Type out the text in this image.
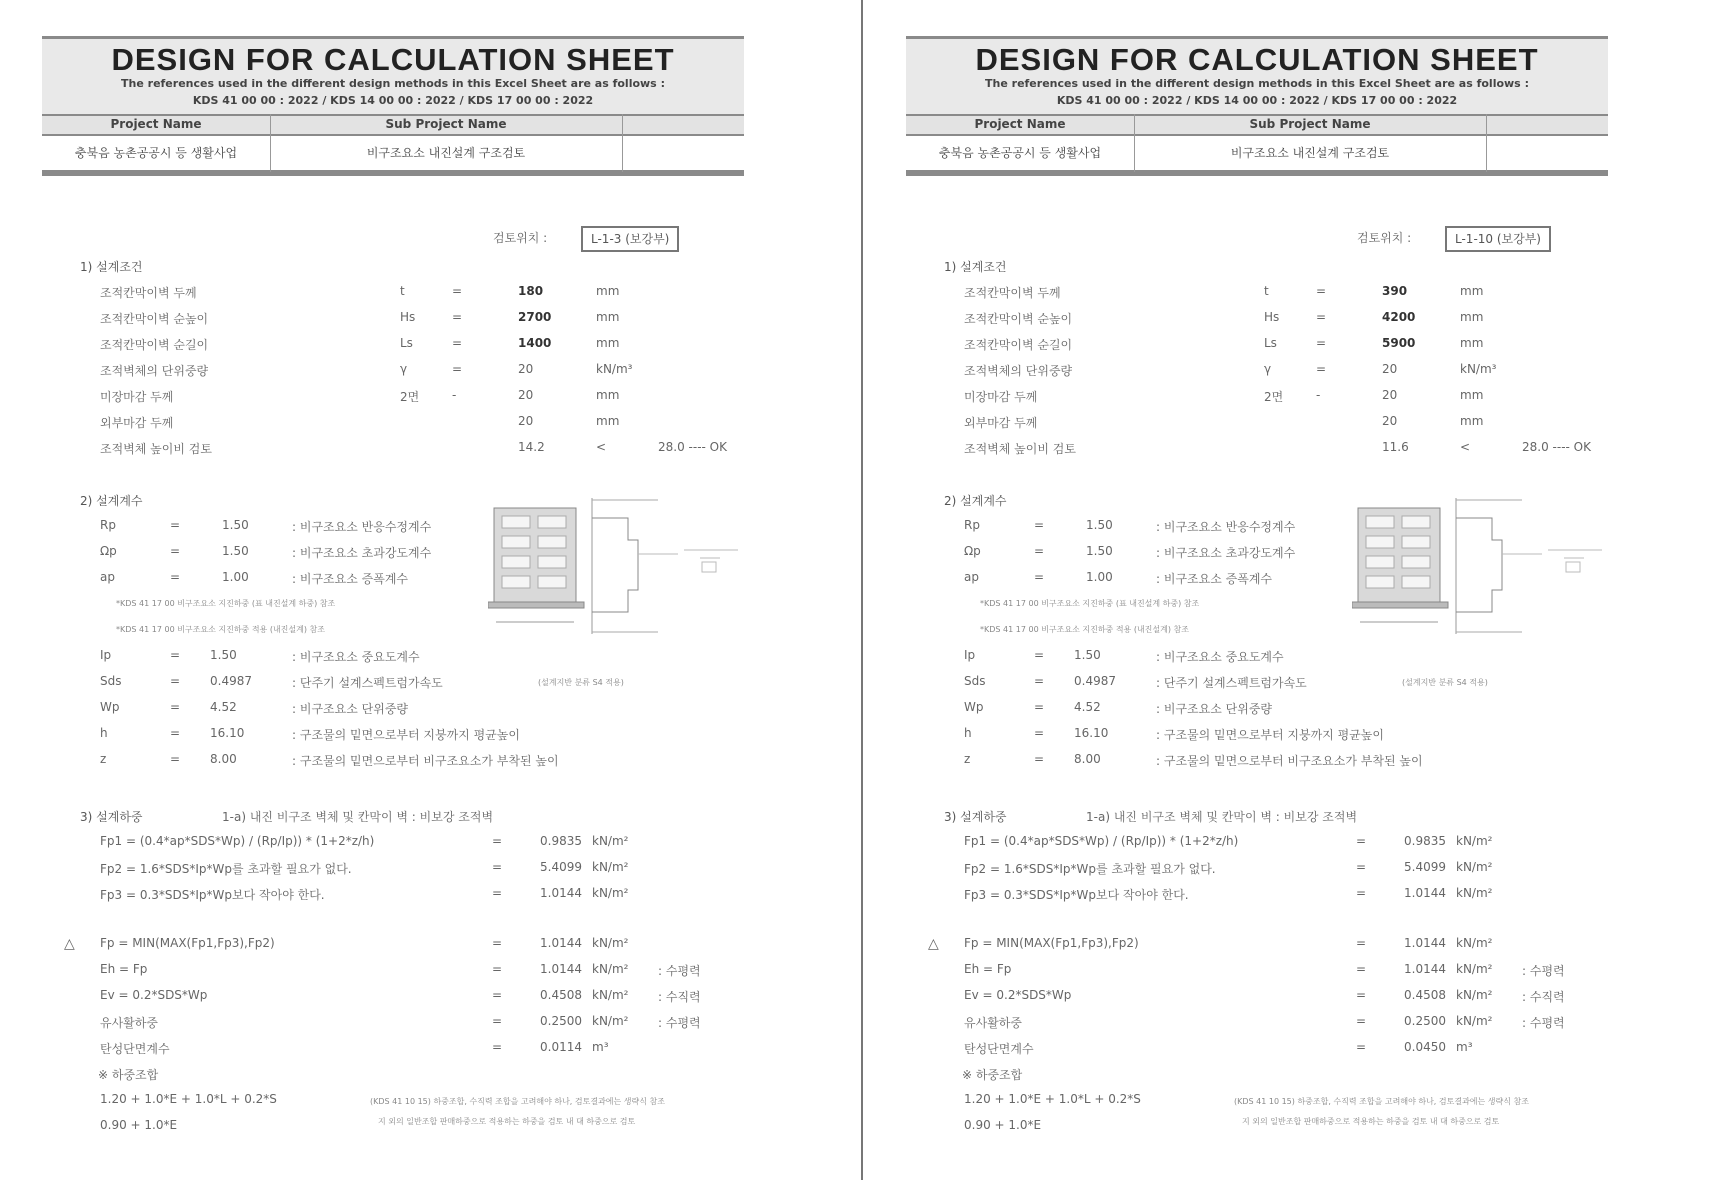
DESIGN FOR CALCULATION SHEET
The references used in the different design methods in this Excel Sheet are as follows :
KDS 41 00 00 : 2022 / KDS 14 00 00 : 2022 / KDS 17 00 00 : 2022
Project Name	Sub Project Name
충북음 농촌공공시 등 생활사업	비구조요소 내진설계 구조검토
검토위치 :	L-1-3 (보강부)
1) 설계조건
조적칸막이벽 두께	t	=	180	mm
조적칸막이벽 순높이	Hs	=	2700	mm
조적칸막이벽 순길이	Ls	=	1400	mm
조적벽체의 단위중량	γ	=	20	kN/m³
미장마감 두께	2면	-	20	mm
외부마감 두께	20	mm
조적벽체 높이비 검토	14.2	<	28.0 ---- OK
2) 설계계수
Rp	=	1.50	: 비구조요소 반응수정계수
Ωp	=	1.50	: 비구조요소 초과강도계수
ap	=	1.00	: 비구조요소 증폭계수
*KDS 41 17 00 비구조요소 지진하중 (표 내진설계 하중) 참조
*KDS 41 17 00 비구조요소 지진하중 적용 (내진설계) 참조
Ip	= 1.50	: 비구조요소 중요도계수
Sds	= 0.4987	: 단주기 설계스펙트럼가속도	(설계지반 분류 S4 적용)
Wp	= 4.52	: 비구조요소 단위중량
h	= 16.10	: 구조물의 밑면으로부터 지붕까지 평균높이
z	= 8.00	: 구조물의 밑면으로부터 비구조요소가 부착된 높이
3) 설계하중	1-a) 내진 비구조 벽체 및 칸막이 벽 : 비보강 조적벽
Fp1 = (0.4*ap*SDS*Wp) / (Rp/Ip)) * (1+2*z/h)	=	0.9835 kN/m²
Fp2 = 1.6*SDS*Ip*Wp를 초과할 필요가 없다.	=	5.4099 kN/m²
Fp3 = 0.3*SDS*Ip*Wp보다 작아야 한다.	=	1.0144 kN/m²
△ Fp = MIN(MAX(Fp1,Fp3),Fp2)	=	1.0144 kN/m²
Eh = Fp	=	1.0144 kN/m² : 수평력
Ev = 0.2*SDS*Wp	=	0.4508 kN/m² : 수직력
유사활하중	=	0.2500 kN/m² : 수평력
탄성단면계수	=	0.0114 m³
※ 하중조합
1.20 + 1.0*E + 1.0*L + 0.2*S
0.90 + 1.0*E
(KDS 41 10 15) 하중조합, 수직력 조합을 고려해야 하나, 검토결과에는 생략식 참조
지 외의 일반조합 판매하중으로 적용하는 하중을 검토 내 대 하중으로 검토
DESIGN FOR CALCULATION SHEET
The references used in the different design methods in this Excel Sheet are as follows :
KDS 41 00 00 : 2022 / KDS 14 00 00 : 2022 / KDS 17 00 00 : 2022
Project Name	Sub Project Name
충북음 농촌공공시 등 생활사업	비구조요소 내진설계 구조검토
검토위치 :	L-1-10 (보강부)
1) 설계조건
조적칸막이벽 두께	t	=	390	mm
조적칸막이벽 순높이	Hs	=	4200	mm
조적칸막이벽 순길이	Ls	=	5900	mm
조적벽체의 단위중량	γ	=	20	kN/m³
미장마감 두께	2면	-	20	mm
외부마감 두께	20	mm
조적벽체 높이비 검토	11.6	<	28.0 ---- OK
2) 설계계수
Rp	=	1.50	: 비구조요소 반응수정계수
Ωp	=	1.50	: 비구조요소 초과강도계수
ap	=	1.00	: 비구조요소 증폭계수
*KDS 41 17 00 비구조요소 지진하중 (표 내진설계 하중) 참조
*KDS 41 17 00 비구조요소 지진하중 적용 (내진설계) 참조
Ip	= 1.50	: 비구조요소 중요도계수
Sds	= 0.4987	: 단주기 설계스펙트럼가속도	(설계지반 분류 S4 적용)
Wp	= 4.52	: 비구조요소 단위중량
h	= 16.10	: 구조물의 밑면으로부터 지붕까지 평균높이
z	= 8.00	: 구조물의 밑면으로부터 비구조요소가 부착된 높이
3) 설계하중	1-a) 내진 비구조 벽체 및 칸막이 벽 : 비보강 조적벽
Fp1 = (0.4*ap*SDS*Wp) / (Rp/Ip)) * (1+2*z/h)	=	0.9835 kN/m²
Fp2 = 1.6*SDS*Ip*Wp를 초과할 필요가 없다.	=	5.4099 kN/m²
Fp3 = 0.3*SDS*Ip*Wp보다 작아야 한다.	=	1.0144 kN/m²
△ Fp = MIN(MAX(Fp1,Fp3),Fp2)	=	1.0144 kN/m²
Eh = Fp	=	1.0144 kN/m² : 수평력
Ev = 0.2*SDS*Wp	=	0.4508 kN/m² : 수직력
유사활하중	=	0.2500 kN/m² : 수평력
탄성단면계수	=	0.0450 m³
※ 하중조합
1.20 + 1.0*E + 1.0*L + 0.2*S
0.90 + 1.0*E
(KDS 41 10 15) 하중조합, 수직력 조합을 고려해야 하나, 검토결과에는 생략식 참조
지 외의 일반조합 판매하중으로 적용하는 하중을 검토 내 대 하중으로 검토
